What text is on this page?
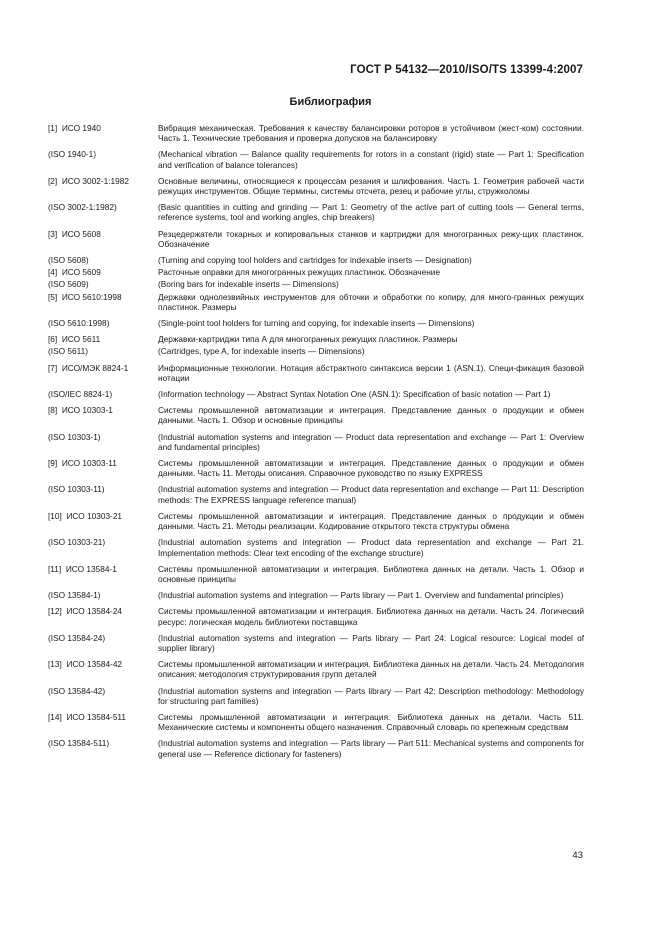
ГОСТ Р 54132—2010/ISO/TS 13399-4:2007
Библиография
[1]  ИСО 1940	Вибрация механическая. Требования к качеству балансировки роторов в устойчивом (жест-ком) состоянии. Часть 1. Технические требования и проверка допусков на балансировку
(ISO 1940-1)	(Mechanical vibration — Balance quality requirements for rotors in a constant (rigid) state — Part 1: Specification and verification of balance tolerances)
[2]  ИСО 3002-1:1982	Основные величины, относящиеся к процессам резания и шлифования. Часть 1. Геометрия рабочей части режущих инструментов. Общие термины, системы отсчета, резец и рабочие углы, стружколомы
(ISO 3002-1:1982)	(Basic quantities in cutting and grinding — Part 1: Geometry of the active part of cutting tools — General terms, reference systems, tool and working angles, chip breakers)
[3]  ИСО 5608	Резцедержатели токарных и копировальных станков и картриджи для многогранных режу-щих пластинок. Обозначение
(ISO 5608)	(Turning and copying tool holders and cartridges for indexable inserts — Designation)
[4]  ИСО 5609	Расточные оправки для многогранных режущих пластинок. Обозначение
(ISO 5609)	(Boring bars for indexable inserts — Dimensions)
[5]  ИСО 5610:1998	Державки однолезвийных инструментов для обточки и обработки по копиру, для много-гранных режущих пластинок. Размеры
(ISO 5610:1998)	(Single-point tool holders for turning and copying, for indexable inserts — Dimensions)
[6]  ИСО 5611	Державки-картриджи типа А для многогранных режущих пластинок. Размеры
(ISO 5611)	(Cartridges, type A, for indexable inserts — Dimensions)
[7]  ИСО/МЭК 8824-1	Информационные технологии. Нотация абстрактного синтаксиса версии 1 (ASN.1). Специ-фикация базовой нотации
(ISO/IEC 8824-1)	(Information technology — Abstract Syntax Notation One (ASN.1): Specification of basic notation — Part 1)
[8]  ИСО 10303-1	Системы промышленной автоматизации и интеграция. Представление данных о продукции и обмен данными. Часть 1. Обзор и основные принципы
(ISO 10303-1)	(Industrial automation systems and integration — Product data representation and exchange — Part 1: Overview and fundamental principles)
[9]  ИСО 10303-11	Системы промышленной автоматизации и интеграция. Представление данных о продукции и обмен данными. Часть 11. Методы описания. Справочное руководство по языку EXPRESS
(ISO 10303-11)	(Industrial automation systems and integration — Product data representation and exchange — Part 11: Description methods: The EXPRESS language reference manual)
[10]  ИСО 10303-21	Системы промышленной автоматизации и интеграция. Представление данных о продукции и обмен данными. Часть 21. Методы реализации. Кодирование открытого текста структуры обмена
(ISO 10303-21)	(Industrial automation systems and integration — Product data representation and exchange — Part 21. Implementation methods: Clear text encoding of the exchange structure)
[11]  ИСО 13584-1	Системы промышленной автоматизации и интеграция. Библиотека данных на детали. Часть 1. Обзор и основные принципы
(ISO 13584-1)	(Industrial automation systems and integration — Parts library — Part 1. Overview and fundamental principles)
[12]  ИСО 13584-24	Системы промышленной автоматизации и интеграция. Библиотека данных на детали. Часть 24. Логический ресурс: логическая модель библиотеки поставщика
(ISO 13584-24)	(Industrial automation systems and integration — Parts library — Part 24: Logical resource: Logical model of supplier library)
[13]  ИСО 13584-42	Системы промышленной автоматизации и интеграция. Библиотека данных на детали. Часть 24. Методология описания: методология структурирования групп деталей
(ISO 13584-42)	(Industrial automation systems and integration — Parts library — Part 42: Description methodology: Methodology for structuring part families)
[14]  ИСО 13584-511	Системы промышленной автоматизации и интеграция. Библиотека данных на детали. Часть 511. Механические системы и компоненты общего назначения. Справочный словарь по крепежным средствам
(ISO 13584-511)	(Industrial automation systems and integration — Parts library — Part 511: Mechanical systems and components for general use — Reference dictionary for fasteners)
43
